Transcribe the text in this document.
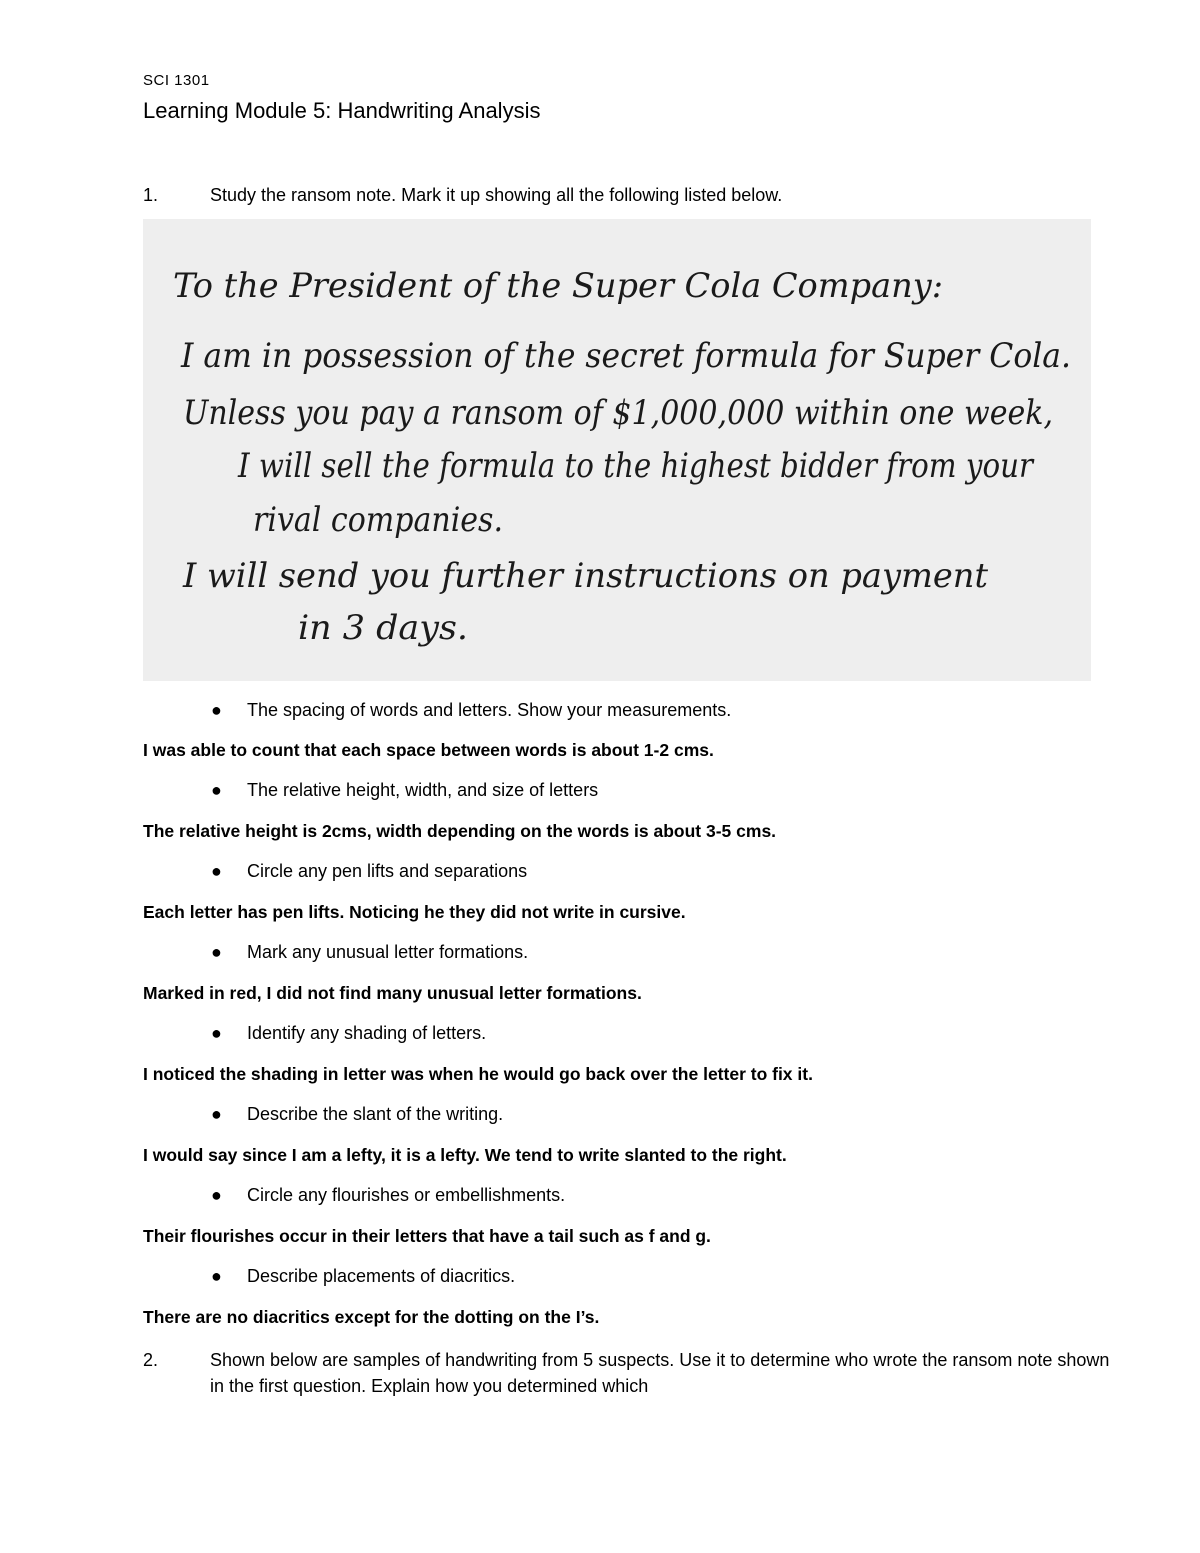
SCI 1301
Learning Module 5: Handwriting Analysis
1.	Study the ransom note. Mark it up showing all the following listed below.
To the President of the Super Cola Company:
I am in possession of the secret formula for Super Cola.
Unless you pay a ransom of $1,000,000 within one week,
I will sell the formula to the highest bidder from your
rival companies.
I will send you further instructions on payment
in 3 days.
● The spacing of words and letters. Show your measurements.
I was able to count that each space between words is about 1-2 cms.
● The relative height, width, and size of letters
The relative height is 2cms, width depending on the words is about 3-5 cms.
● Circle any pen lifts and separations
Each letter has pen lifts. Noticing he they did not write in cursive.
● Mark any unusual letter formations.
Marked in red, I did not find many unusual letter formations.
● Identify any shading of letters.
I noticed the shading in letter was when he would go back over the letter to fix it.
● Describe the slant of the writing.
I would say since I am a lefty, it is a lefty. We tend to write slanted to the right.
● Circle any flourishes or embellishments.
Their flourishes occur in their letters that have a tail such as f and g.
● Describe placements of diacritics.
There are no diacritics except for the dotting on the I’s.
2.	Shown below are samples of handwriting from 5 suspects. Use it to determine who wrote the ransom note shown in the first question. Explain how you determined which
